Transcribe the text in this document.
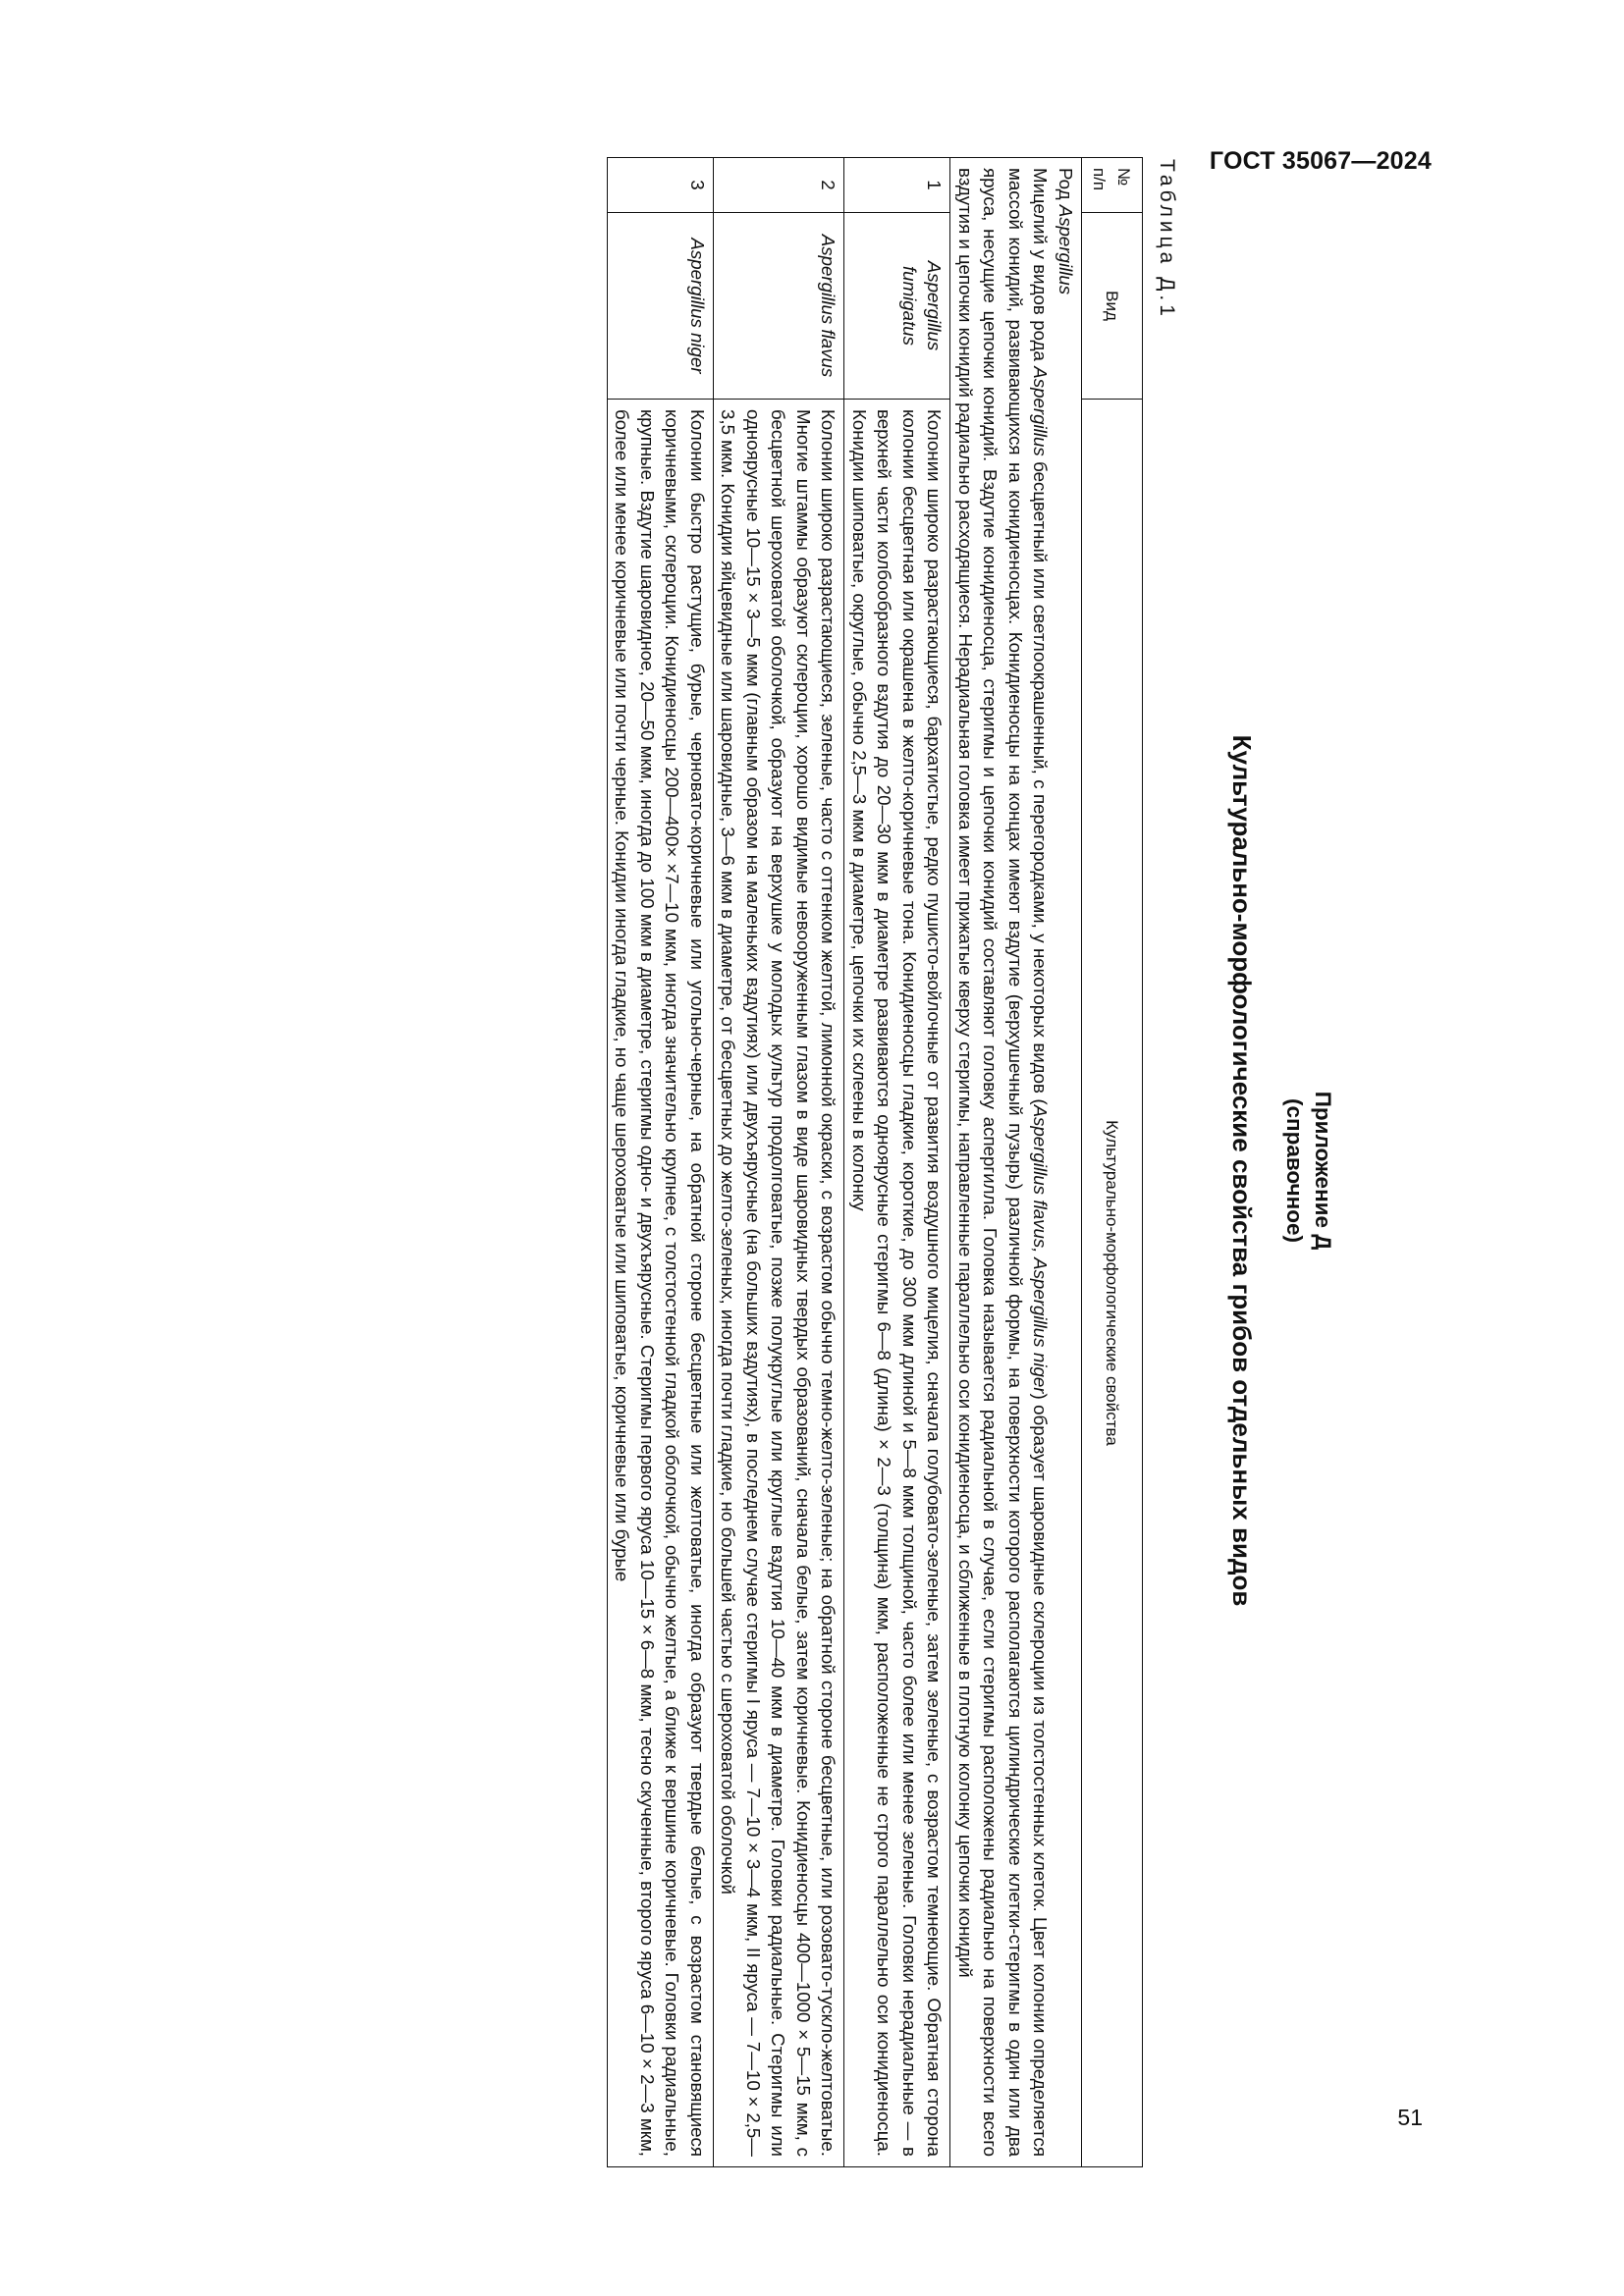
ГОСТ 35067—2024
Приложение Д
(справочное)
Культурально-морфологические свойства грибов отдельных видов
Таблица Д.1
№ п/п	Вид	Культурально-морфологические свойства

Род Aspergillus
Мицелий у видов рода Aspergillus бесцветный или светлоокрашенный, с перегородками, у некоторых видов (Aspergillus flavus, Aspergillus niger) образует шаровидные склероции из толстостенных клеток. Цвет колонии определяется массой конидий, развивающихся на конидиеносцах. Конидиеносцы на концах имеют вздутие (верхушечный пузырь) различной формы, на поверхности которого располагаются цилиндрические клетки-стеригмы в один или два яруса, несущие цепочки конидий. Вздутие конидиеносца, стеригмы и цепочки конидий составляют головку аспергилла. Головка называется радиальной в случае, если стеригмы расположены радиально на поверхности всего вздутия и цепочки конидий радиально расходящиеся. Нерадиальная головка имеет прижатые кверху стеригмы, направленные параллельно оси конидиеносца, и сближенные в плотную колонку цепочки конидий		
1	Aspergillus fumigatus	Колонии широко разрастающиеся, бархатистые, редко пушисто-войлочные от развития воздушного мицелия, сначала голубовато-зеленые, затем зеленые, с возрастом темнеющие. Обратная сторона колонии бесцветная или окрашена в желто-коричневые тона. Конидиеносцы гладкие, короткие, до 300 мкм длиной и 5—8 мкм толщиной, часто более или менее зеленые. Головки нерадиальные — в верхней части колбообразного вздутия до 20—30 мкм в диаметре развиваются одноярусные стеригмы 6—8 (длина) × 2—3 (толщина) мкм, расположенные не строго параллельно оси конидиеносца. Конидии шиповатые, округлые, обычно 2,5—3 мкм в диаметре, цепочки их склеены в колонку
2	Aspergillus flavus	Колонии широко разрастающиеся, зеленые, часто с оттенком желтой, лимонной окраски, с возрастом обычно темно-желто-зеленые; на обратной стороне бесцветные, или розовато-тускло-желтоватые. Многие штаммы образуют склероции, хорошо видимые невооруженным глазом в виде шаровидных твердых образований, сначала белые, затем коричневые. Конидиеносцы 400—1000 × 5—15 мкм, с бесцветной шероховатой оболочкой, образуют на верхушке у молодых культур продолговатые, позже полукруглые или круглые вздутия 10—40 мкм в диаметре. Головки радиальные. Стеригмы или одноярусные 10—15 × 3—5 мкм (главным образом на маленьких вздутиях) или двухъярусные (на больших вздутиях), в последнем случае стеригмы I яруса — 7—10 × 3—4 мкм, II яруса — 7—10 × 2,5—3,5 мкм. Конидии яйцевидные или шаровидные, 3—6 мкм в диаметре, от бесцветных до желто-зеленых, иногда почти гладкие, но большей частью с шероховатой оболочкой
3	Aspergillus niger	Колонии быстро растущие, бурые, черновато-коричневые или угольно-черные, на обратной стороне бесцветные или желтоватые, иногда образуют твердые белые, с возрастом становящиеся коричневыми, склероции. Конидиеносцы 200—400× ×7—10 мкм, иногда значительно крупнее, с толстостенной гладкой оболочкой, обычно желтые, а ближе к вершине коричневые. Головки радиальные, крупные. Вздутие шаровидное, 20—50 мкм, иногда до 100 мкм в диаметре, стеригмы одно- и двухъярусные. Стеригмы первого яруса 10—15 × 6—8 мкм, тесно скученные, второго яруса 6—10 × 2—3 мкм, более или менее коричневые или почти черные. Конидии иногда гладкие, но чаще шероховатые или шиповатые, коричневые или бурые
51
